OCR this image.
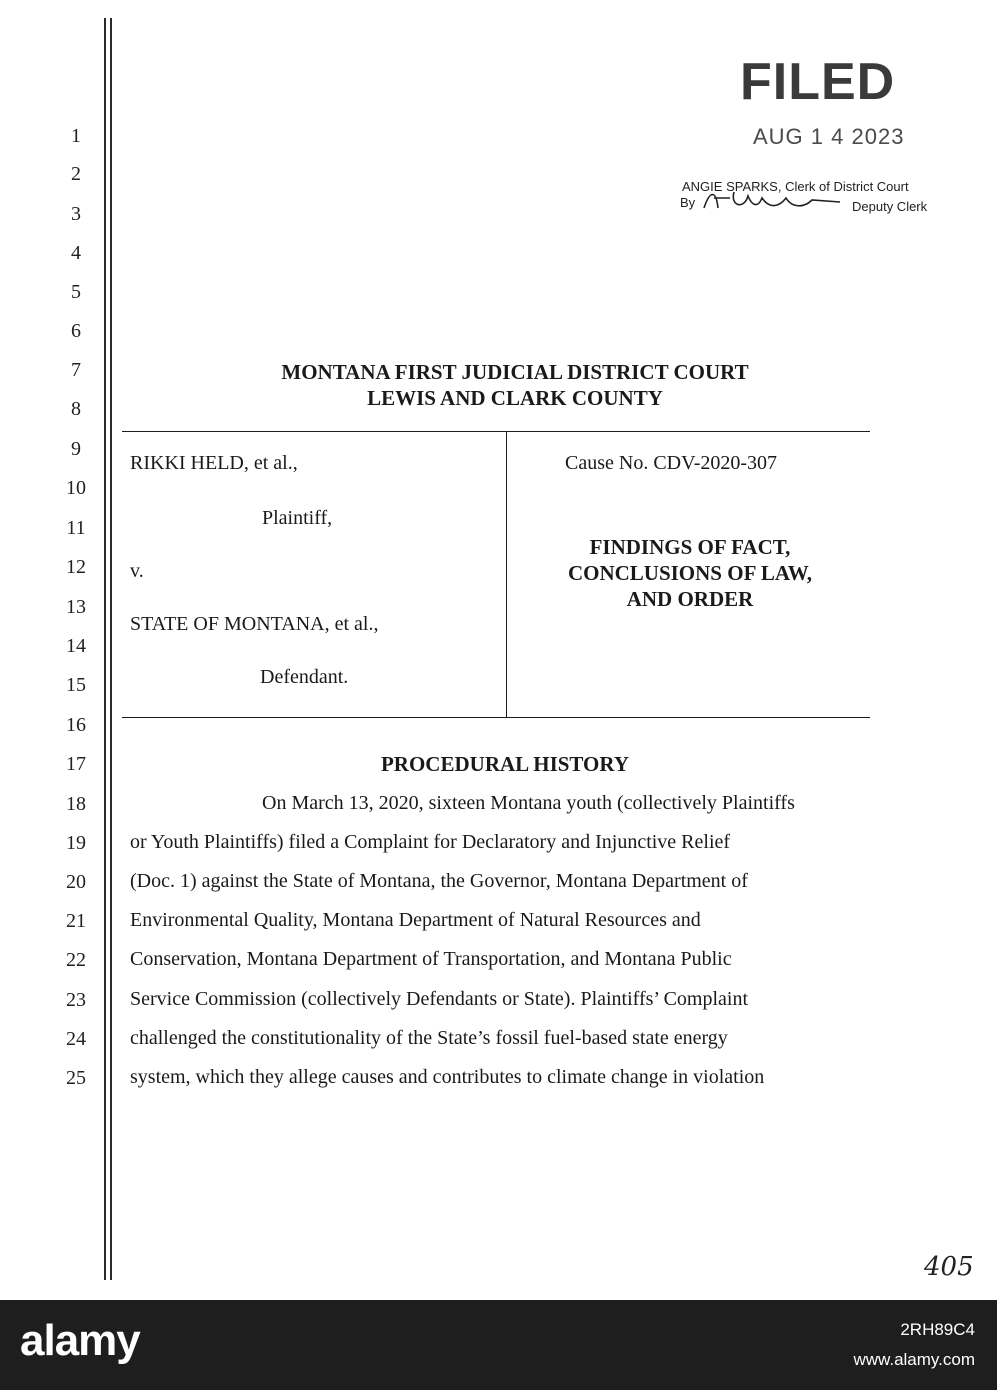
1
2
3
4
5
6
7
8
9
10
11
12
13
14
15
16
17
18
19
20
21
22
23
24
25
FILED
AUG 1 4 2023
ANGIE SPARKS, Clerk of District Court
By	Deputy Clerk
MONTANA FIRST JUDICIAL DISTRICT COURT
LEWIS AND CLARK COUNTY
RIKKI HELD, et al.,
Plaintiff,
v.
STATE OF MONTANA, et al.,
Defendant.
Cause No. CDV-2020-307
FINDINGS OF FACT,
CONCLUSIONS OF LAW,
AND ORDER
PROCEDURAL HISTORY
On March 13, 2020, sixteen Montana youth (collectively Plaintiffs
or Youth Plaintiffs) filed a Complaint for Declaratory and Injunctive Relief
(Doc. 1) against the State of Montana, the Governor, Montana Department of
Environmental Quality, Montana Department of Natural Resources and
Conservation, Montana Department of Transportation, and Montana Public
Service Commission (collectively Defendants or State). Plaintiffs’ Complaint
challenged the constitutionality of the State’s fossil fuel-based state energy
system, which they allege causes and contributes to climate change in violation
405
alamy	2RH89C4
www.alamy.com
